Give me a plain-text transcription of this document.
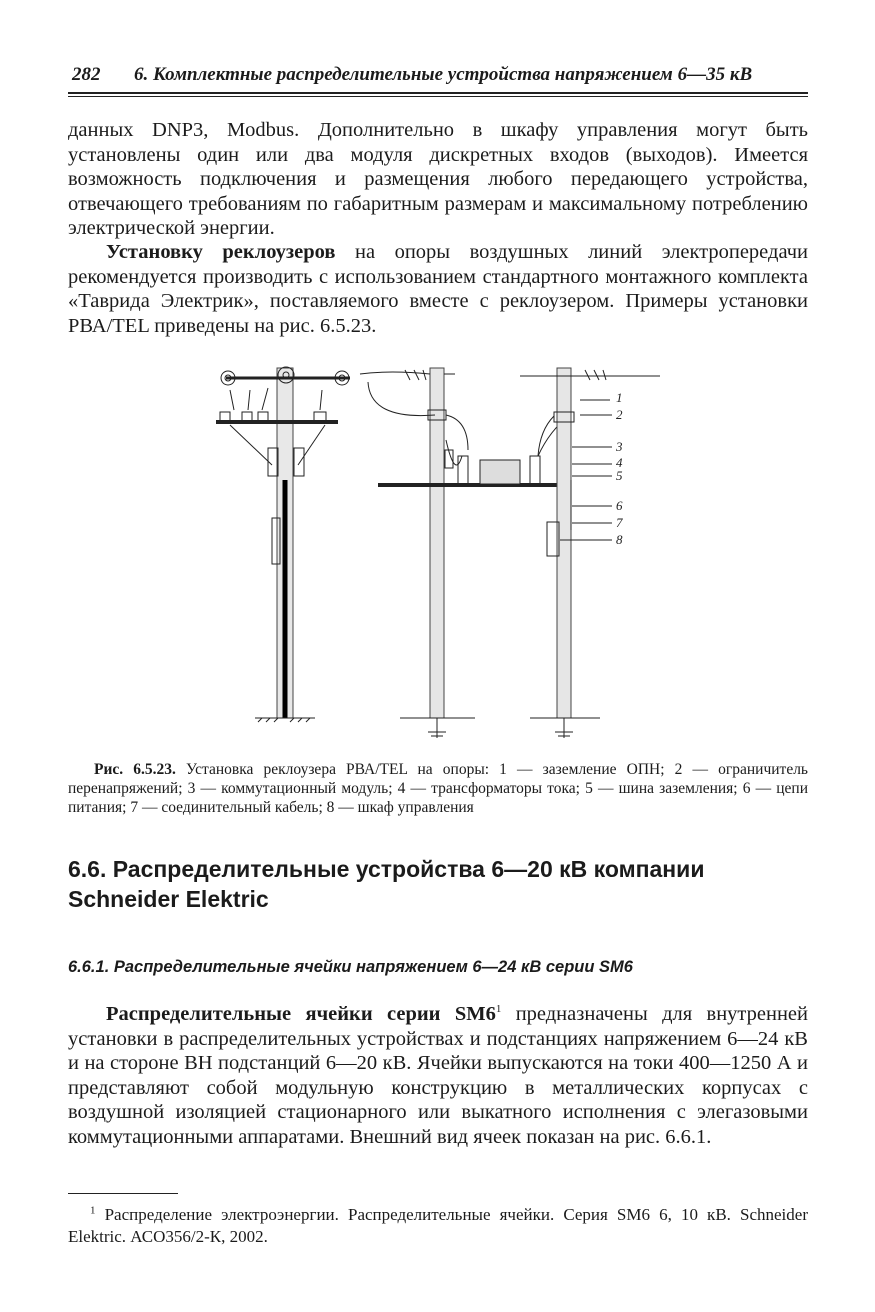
282 6. Комплектные распределительные устройства напряжением 6—35 кВ
данных DNP3, Modbus. Дополнительно в шкафу управления могут быть установлены один или два модуля дискретных входов (выходов). Имеется возможность подключения и размещения любого передающего устройства, отвечающего требованиям по габаритным размерам и максимальному потреблению электрической энергии.
Установку реклоузеров на опоры воздушных линий электропередачи рекомендуется производить с использованием стандартного монтажного комплекта «Таврида Электрик», поставляемого вместе с реклоузером. Примеры установки РВА/TEL приведены на рис. 6.5.23.
1
2
3
4
5
6
7
8
Рис. 6.5.23. Установка реклоузера РВА/TEL на опоры: 1 — заземление ОПН; 2 — ограничитель перенапряжений; 3 — коммутационный модуль; 4 — трансформаторы тока; 5 — шина заземления; 6 — цепи питания; 7 — соединительный кабель; 8 — шкаф управления
6.6. Распределительные устройства 6—20 кВ компании Schneider Elektric
6.6.1. Распределительные ячейки напряжением 6—24 кВ серии SM6
Распределительные ячейки серии $SM6^1$ предназначены для внутренней установки в распределительных устройствах и подстанциях напряжением 6—24 кВ и на стороне ВН подстанций 6—20 кВ. Ячейки выпускаются на токи 400—1250 А и представляют собой модульную конструкцию в металлических корпусах с воздушной изоляцией стационарного или выкатного исполнения с элегазовыми коммутационными аппаратами. Внешний вид ячеек показан на рис. 6.6.1.
$^1$ Распределение электроэнергии. Распределительные ячейки. Серия SM6 6, 10 кВ. Schneider Elektric. АСО356/2-К, 2002.
